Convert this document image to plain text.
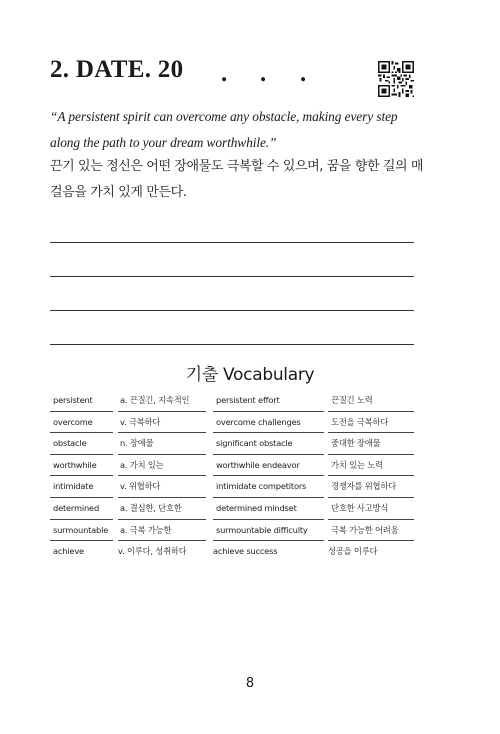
2. DATE. 20 . . .
“A persistent spirit can overcome any obstacle, making every step along the path to your dream worthwhile.”
끈기 있는 정신은 어떤 장애물도 극복할 수 있으며, 꿈을 향한 길의 매 걸음을 가치 있게 만든다.
기출 Vocabulary
persistent	a. 끈질긴, 지속적인	persistent effort	끈질긴 노력
overcome	v. 극복하다	overcome challenges	도전을 극복하다
obstacle	n. 장애물	significant obstacle	중대한 장애물
worthwhile	a. 가치 있는	worthwhile endeavor	가치 있는 노력
intimidate	v. 위협하다	intimidate competitors	경쟁자를 위협하다
determined	a. 결심한, 단호한	determined mindset	단호한 사고방식
surmountable	a. 극복 가능한	surmountable difficulty	극복 가능한 어려움
achieve	v. 이루다, 성취하다	achieve success	성공을 이루다
8
